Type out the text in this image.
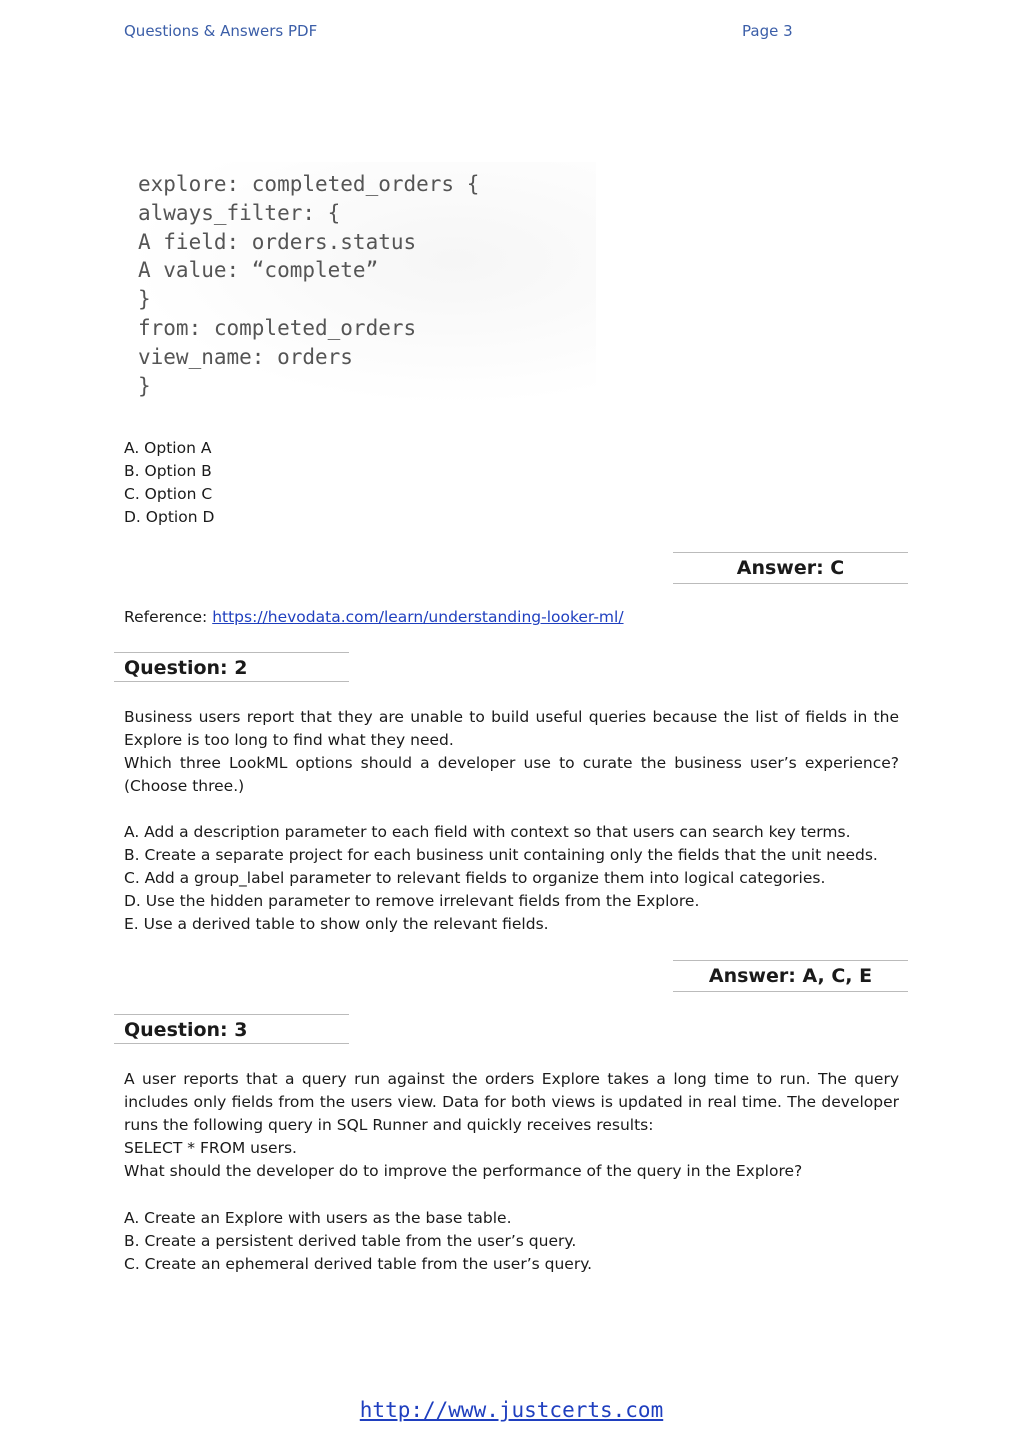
Questions & Answers PDF	Page 3
explore: completed_orders {
always_filter: {
A field: orders.status
A value: “complete”
}
from: completed_orders
view_name: orders
}
A. Option A
B. Option B
C. Option C
D. Option D
Answer: C
Reference: https://hevodata.com/learn/understanding-looker-ml/
Question: 2
Business users report that they are unable to build useful queries because the list of fields in the Explore is too long to find what they need.
Which three LookML options should a developer use to curate the business user’s experience? (Choose three.)
A. Add a description parameter to each field with context so that users can search key terms.
B. Create a separate project for each business unit containing only the fields that the unit needs.
C. Add a group_label parameter to relevant fields to organize them into logical categories.
D. Use the hidden parameter to remove irrelevant fields from the Explore.
E. Use a derived table to show only the relevant fields.
Answer: A, C, E
Question: 3
A user reports that a query run against the orders Explore takes a long time to run. The query includes only fields from the users view. Data for both views is updated in real time. The developer runs the following query in SQL Runner and quickly receives results:
SELECT * FROM users.
What should the developer do to improve the performance of the query in the Explore?
A. Create an Explore with users as the base table.
B. Create a persistent derived table from the user’s query.
C. Create an ephemeral derived table from the user’s query.
http://www.justcerts.com
